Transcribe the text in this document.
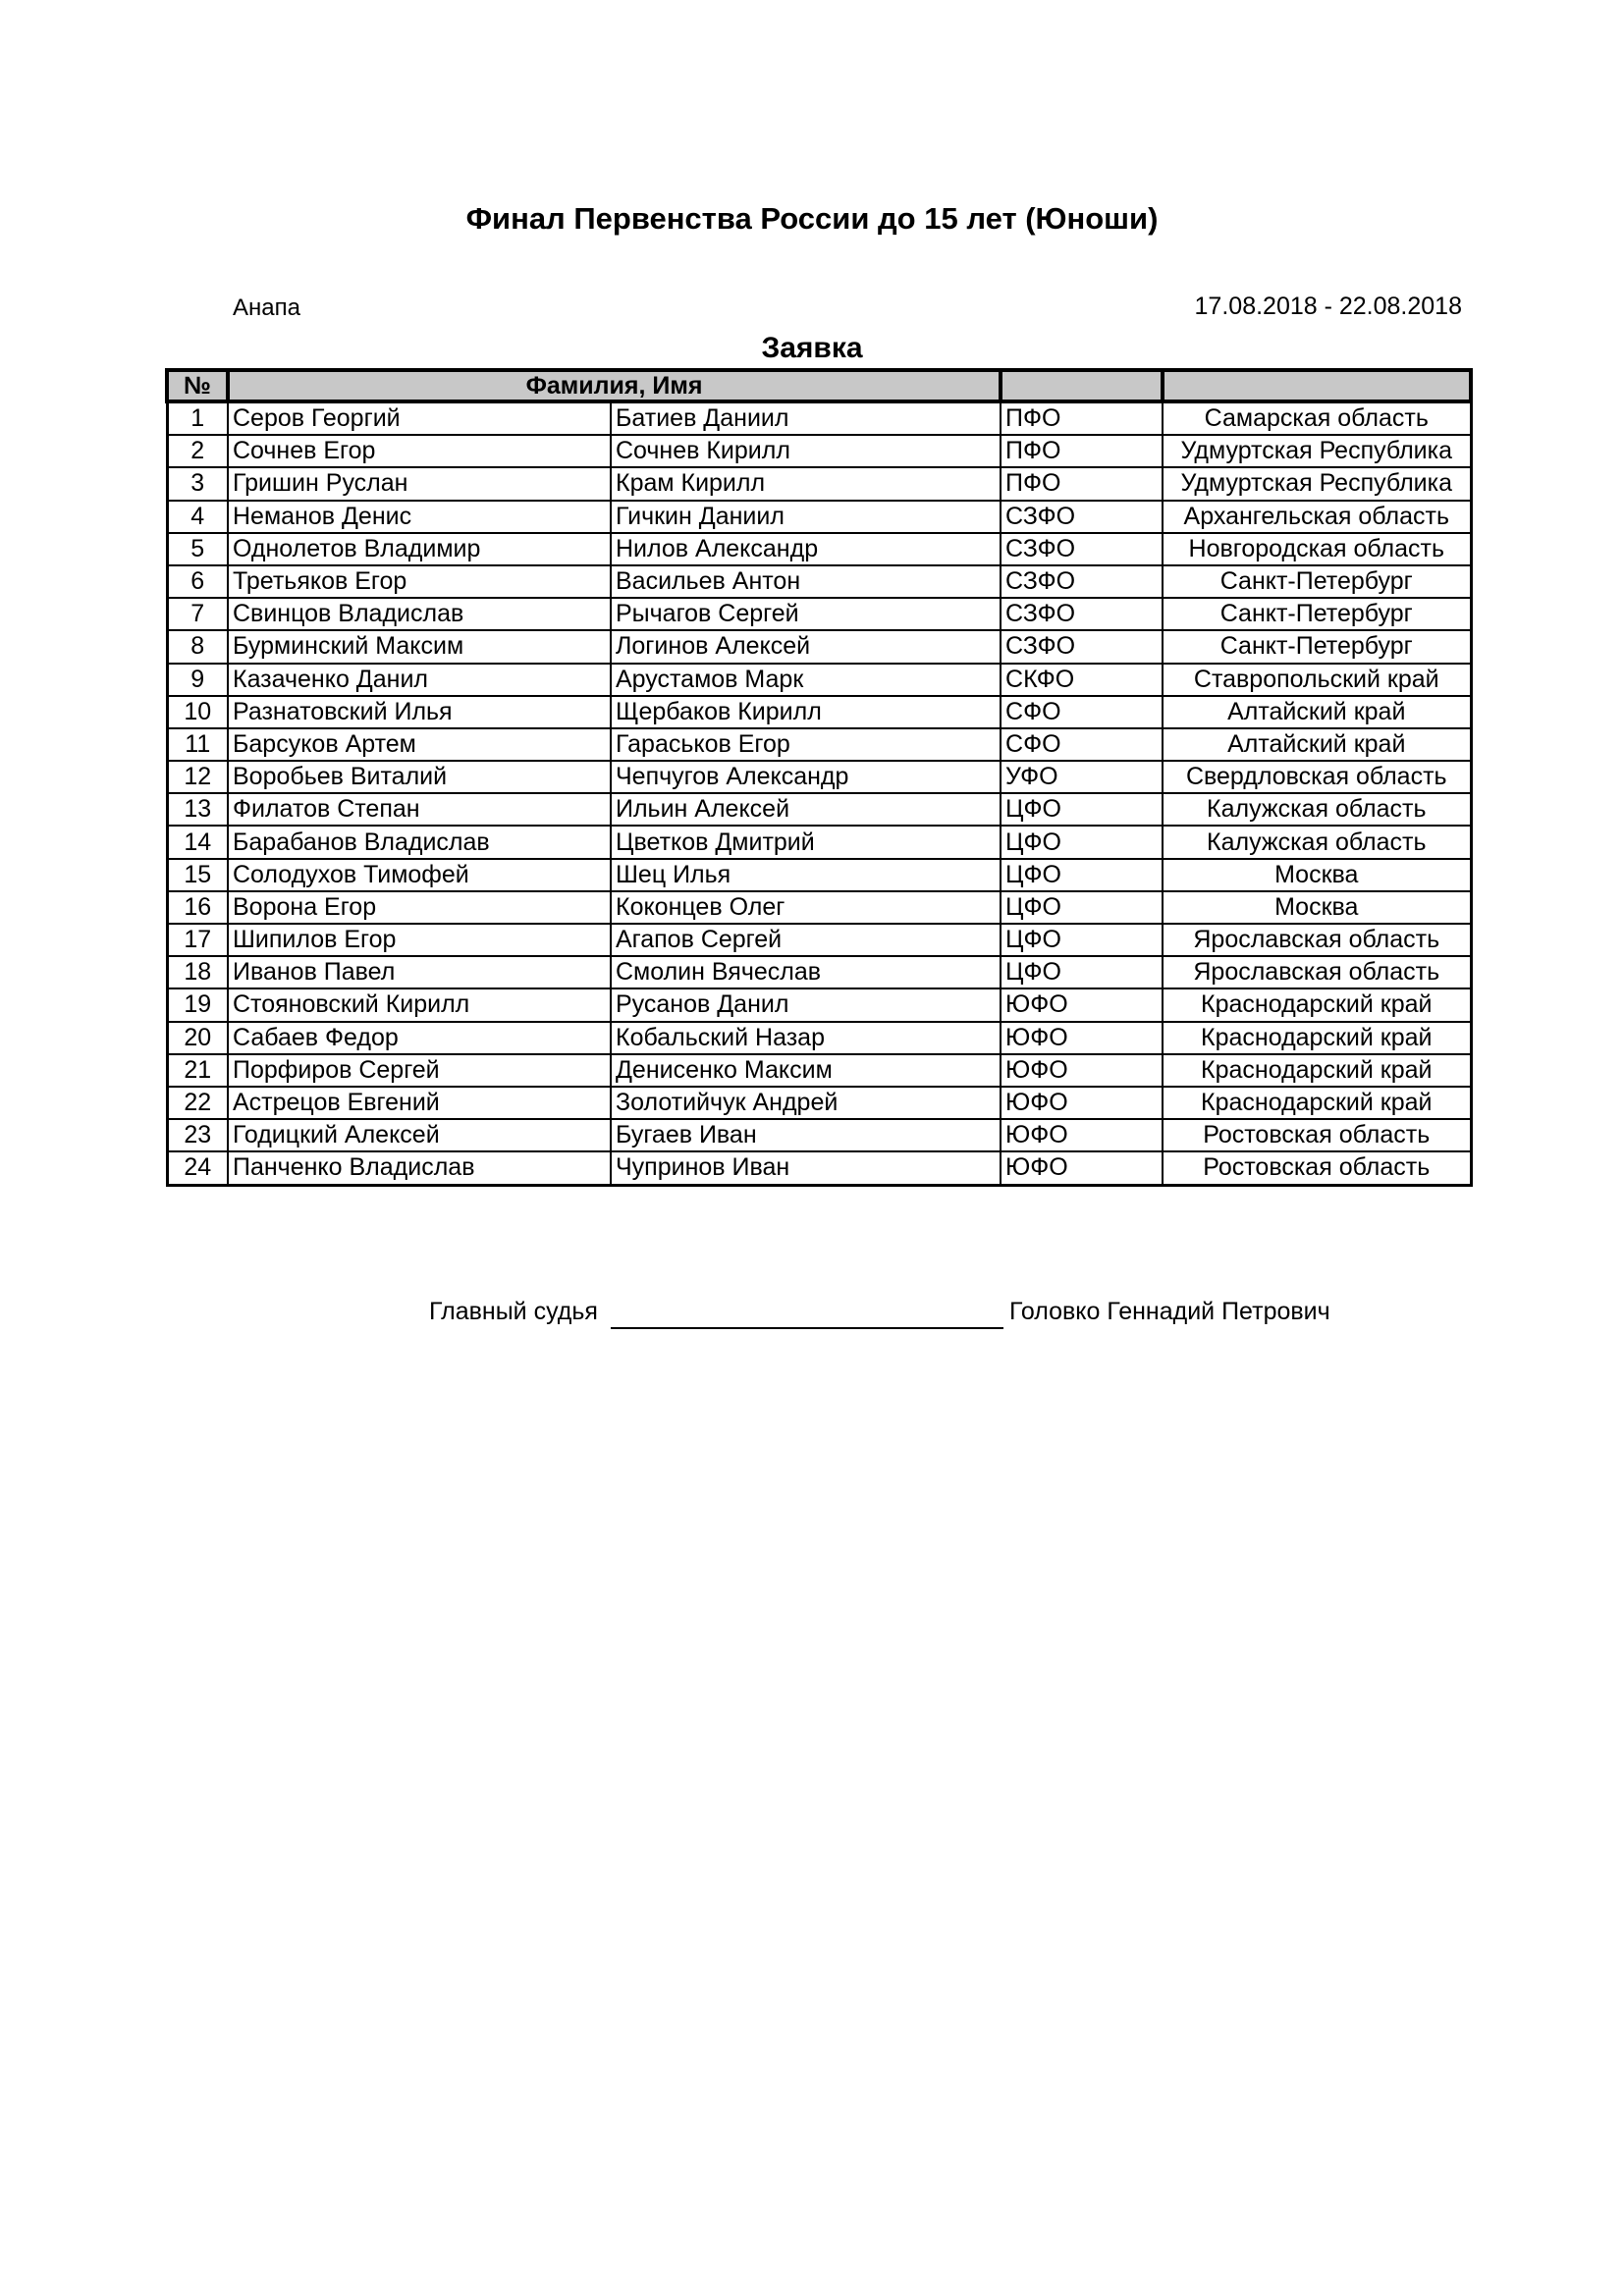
Финал Первенства России до 15 лет (Юноши)
Анапа	17.08.2018 - 22.08.2018
Заявка
№	Фамилия, Имя			
1	Серов Георгий	Батиев Даниил	ПФО	Самарская область
2	Сочнев Егор	Сочнев Кирилл	ПФО	Удмуртская Республика
3	Гришин Руслан	Крам Кирилл	ПФО	Удмуртская Республика
4	Неманов Денис	Гичкин Даниил	СЗФО	Архангельская область
5	Однолетов Владимир	Нилов Александр	СЗФО	Новгородская область
6	Третьяков Егор	Васильев Антон	СЗФО	Санкт-Петербург
7	Свинцов Владислав	Рычагов Сергей	СЗФО	Санкт-Петербург
8	Бурминский Максим	Логинов Алексей	СЗФО	Санкт-Петербург
9	Казаченко Данил	Арустамов Марк	СКФО	Ставропольский край
10	Разнатовский Илья	Щербаков Кирилл	СФО	Алтайский край
11	Барсуков Артем	Гараськов Егор	СФО	Алтайский край
12	Воробьев Виталий	Чепчугов Александр	УФО	Свердловская область
13	Филатов Степан	Ильин Алексей	ЦФО	Калужская область
14	Барабанов Владислав	Цветков Дмитрий	ЦФО	Калужская область
15	Солодухов Тимофей	Шец Илья	ЦФО	Москва
16	Ворона Егор	Коконцев Олег	ЦФО	Москва
17	Шипилов Егор	Агапов Сергей	ЦФО	Ярославская область
18	Иванов Павел	Смолин Вячеслав	ЦФО	Ярославская область
19	Стояновский Кирилл	Русанов Данил	ЮФО	Краснодарский край
20	Сабаев Федор	Кобальский Назар	ЮФО	Краснодарский край
21	Порфиров Сергей	Денисенко Максим	ЮФО	Краснодарский край
22	Астрецов Евгений	Золотийчук Андрей	ЮФО	Краснодарский край
23	Годицкий Алексей	Бугаев Иван	ЮФО	Ростовская область
24	Панченко Владислав	Чупринов Иван	ЮФО	Ростовская область
Главный судья	Головко Геннадий Петрович
